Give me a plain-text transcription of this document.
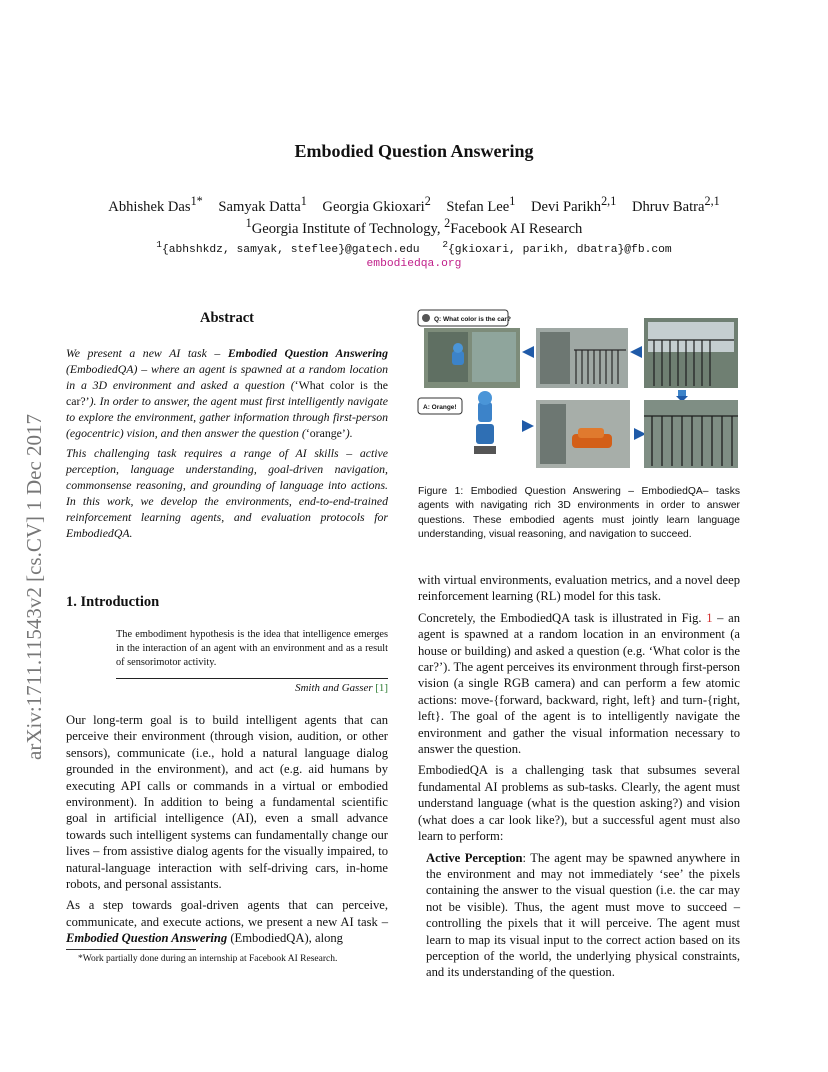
Embodied Question Answering
Abhishek Das$^{1*}$ Samyak Datta$^1$ Georgia Gkioxari$^2$ Stefan Lee$^1$ Devi Parikh$^{2,1}$ Dhruv Batra$^{2,1}$
$^1$Georgia Institute of Technology, $^2$Facebook AI Research
$^1${abhshkdz, samyak, steflee}@gatech.edu $^2${gkioxari, parikh, dbatra}@fb.com
embodiedqa.org
arXiv:1711.11543v2 [cs.CV] 1 Dec 2017
Abstract

We present a new AI task – Embodied Question Answering (EmbodiedQA) – where an agent is spawned at a random location in a 3D environment and asked a question (‘What color is the car?’). In order to answer, the agent must first intelligently navigate to explore the environment, gather information through first-person (egocentric) vision, and then answer the question (‘orange’).

This challenging task requires a range of AI skills – active perception, language understanding, goal-driven navigation, commonsense reasoning, and grounding of language into actions. In this work, we develop the environments, end-to-end-trained reinforcement learning agents, and evaluation protocols for EmbodiedQA.

Q: What color is the car?
A: Orange!
Figure 1: Embodied Question Answering – EmbodiedQA– tasks agents with navigating rich 3D environments in order to answer questions. These embodied agents must jointly learn language understanding, visual reasoning, and navigation to succeed.
1. Introduction
The embodiment hypothesis is the idea that intelligence emerges in the interaction of an agent with an environment and as a result of sensorimotor activity.
Smith and Gasser [1]

Our long-term goal is to build intelligent agents that can perceive their environment (through vision, audition, or other sensors), communicate (i.e., hold a natural language dialog grounded in the environment), and act (e.g. aid humans by executing API calls or commands in a virtual or embodied environment). In addition to being a fundamental scientific goal in artificial intelligence (AI), even a small advance towards such intelligent systems can fundamentally change our lives – from assistive dialog agents for the visually impaired, to natural-language interaction with self-driving cars, in-home robots, and personal assistants.

As a step towards goal-driven agents that can perceive, communicate, and execute actions, we present a new AI task – Embodied Question Answering (EmbodiedQA), along

*Work partially done during an internship at Facebook AI Research.

with virtual environments, evaluation metrics, and a novel deep reinforcement learning (RL) model for this task.

Concretely, the EmbodiedQA task is illustrated in Fig. 1 – an agent is spawned at a random location in an environment (a house or building) and asked a question (e.g. ‘What color is the car?’). The agent perceives its environment through first-person vision (a single RGB camera) and can perform a few atomic actions: move-{forward, backward, right, left} and turn-{right, left}. The goal of the agent is to intelligently navigate the environment and gather the visual information necessary to answer the question.

EmbodiedQA is a challenging task that subsumes several fundamental AI problems as sub-tasks. Clearly, the agent must understand language (what is the question asking?) and vision (what does a car look like?), but a successful agent must also learn to perform:

Active Perception: The agent may be spawned anywhere in the environment and may not immediately ‘see’ the pixels containing the answer to the visual question (i.e. the car may not be visible). Thus, the agent must move to succeed – controlling the pixels that it will perceive. The agent must learn to map its visual input to the correct action based on its perception of the world, the underlying physical constraints, and its understanding of the question.
